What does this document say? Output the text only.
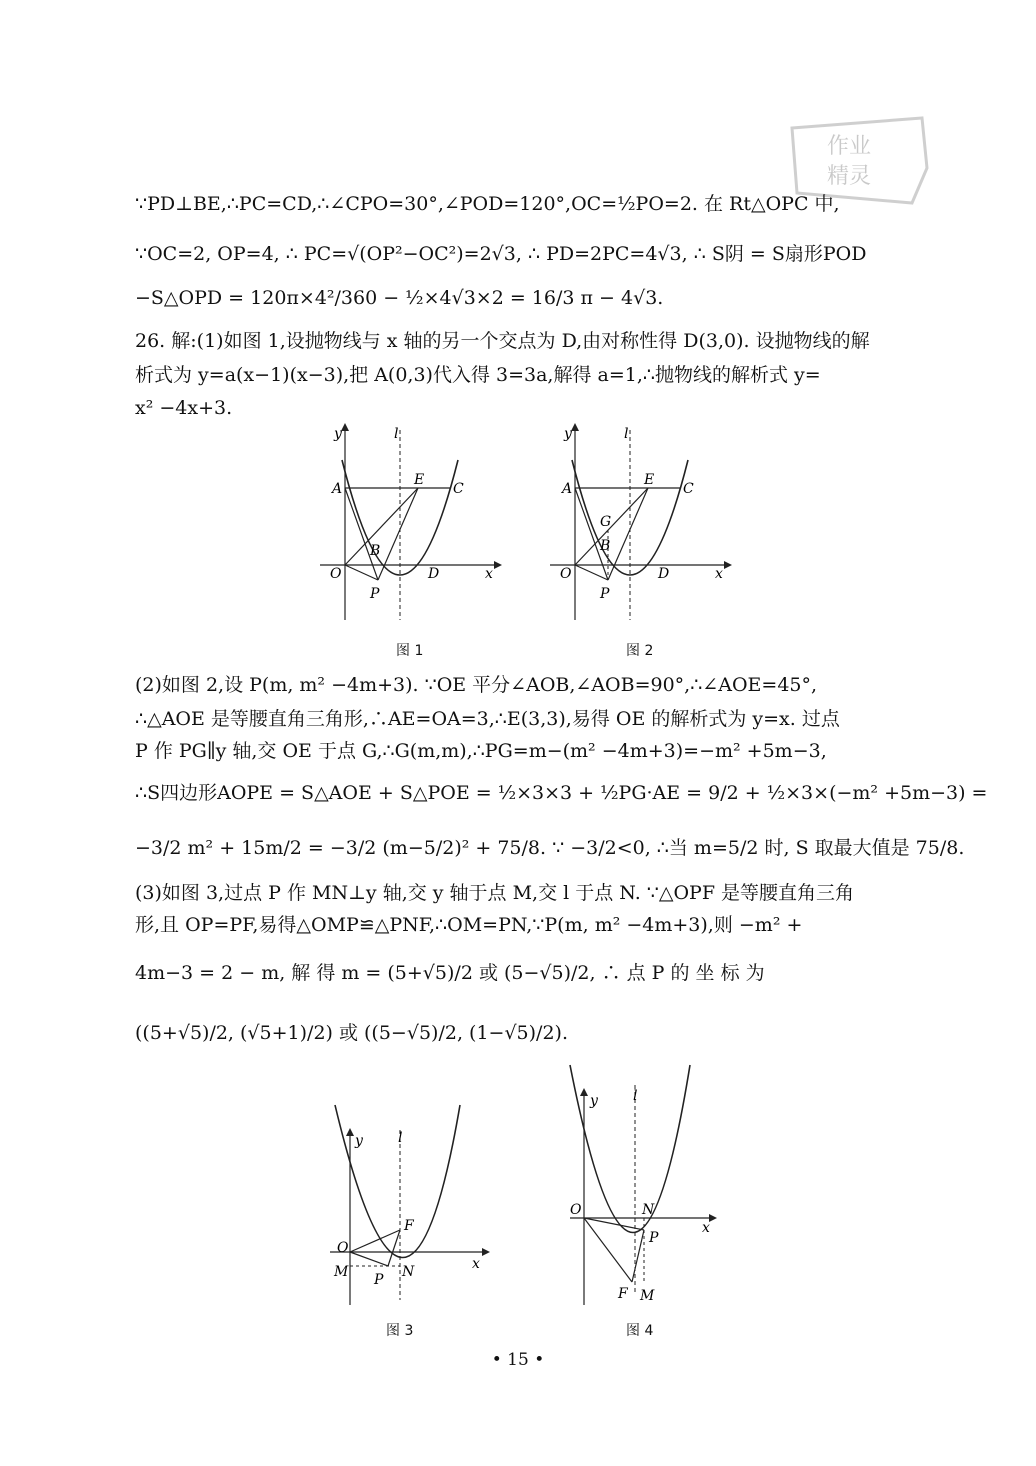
作业
精灵
∵PD⊥BE,∴PC=CD,∴∠CPO=30°,∠POD=120°,OC=½PO=2. 在 Rt△OPC 中,
∵OC=2, OP=4, ∴ PC=√(OP²−OC²)=2√3, ∴ PD=2PC=4√3, ∴ S阴 = S扇形POD
−S△OPD = 120π×4²/360 − ½×4√3×2 = 16/3 π − 4√3.
26. 解:(1)如图 1,设抛物线与 x 轴的另一个交点为 D,由对称性得 D(3,0). 设抛物线的解
析式为 y=a(x−1)(x−3),把 A(0,3)代入得 3=3a,解得 a=1,∴抛物线的解析式 y=
x² −4x+3.
y	l
A
E
C
B
O	D	x
P
图 1
y	l
A
E
C
G
B
O	D	x
P
图 2
(2)如图 2,设 P(m, m² −4m+3). ∵OE 平分∠AOB,∠AOB=90°,∴∠AOE=45°,
∴△AOE 是等腰直角三角形,∴AE=OA=3,∴E(3,3),易得 OE 的解析式为 y=x. 过点
P 作 PG∥y 轴,交 OE 于点 G,∴G(m,m),∴PG=m−(m² −4m+3)=−m² +5m−3,
∴S四边形AOPE = S△AOE + S△POE = ½×3×3 + ½PG·AE = 9/2 + ½×3×(−m² +5m−3) =
−3/2 m² + 15m/2 = −3/2 (m−5/2)² + 75/8. ∵ −3/2<0, ∴当 m=5/2 时, S 取最大值是 75/8.
(3)如图 3,过点 P 作 MN⊥y 轴,交 y 轴于点 M,交 l 于点 N. ∵△OPF 是等腰直角三角
形,且 OP=PF,易得△OMP≌△PNF,∴OM=PN,∵P(m, m² −4m+3),则 −m² +
4m−3 = 2 − m, 解 得 m = (5+√5)/2 或 (5−√5)/2, ∴ 点 P 的 坐 标 为
((5+√5)/2, (√5+1)/2) 或 ((5−√5)/2, (1−√5)/2).
y	l
O
F
M P N	x
图 3
y	l
O	N
x
P
F M
图 4
• 15 •
